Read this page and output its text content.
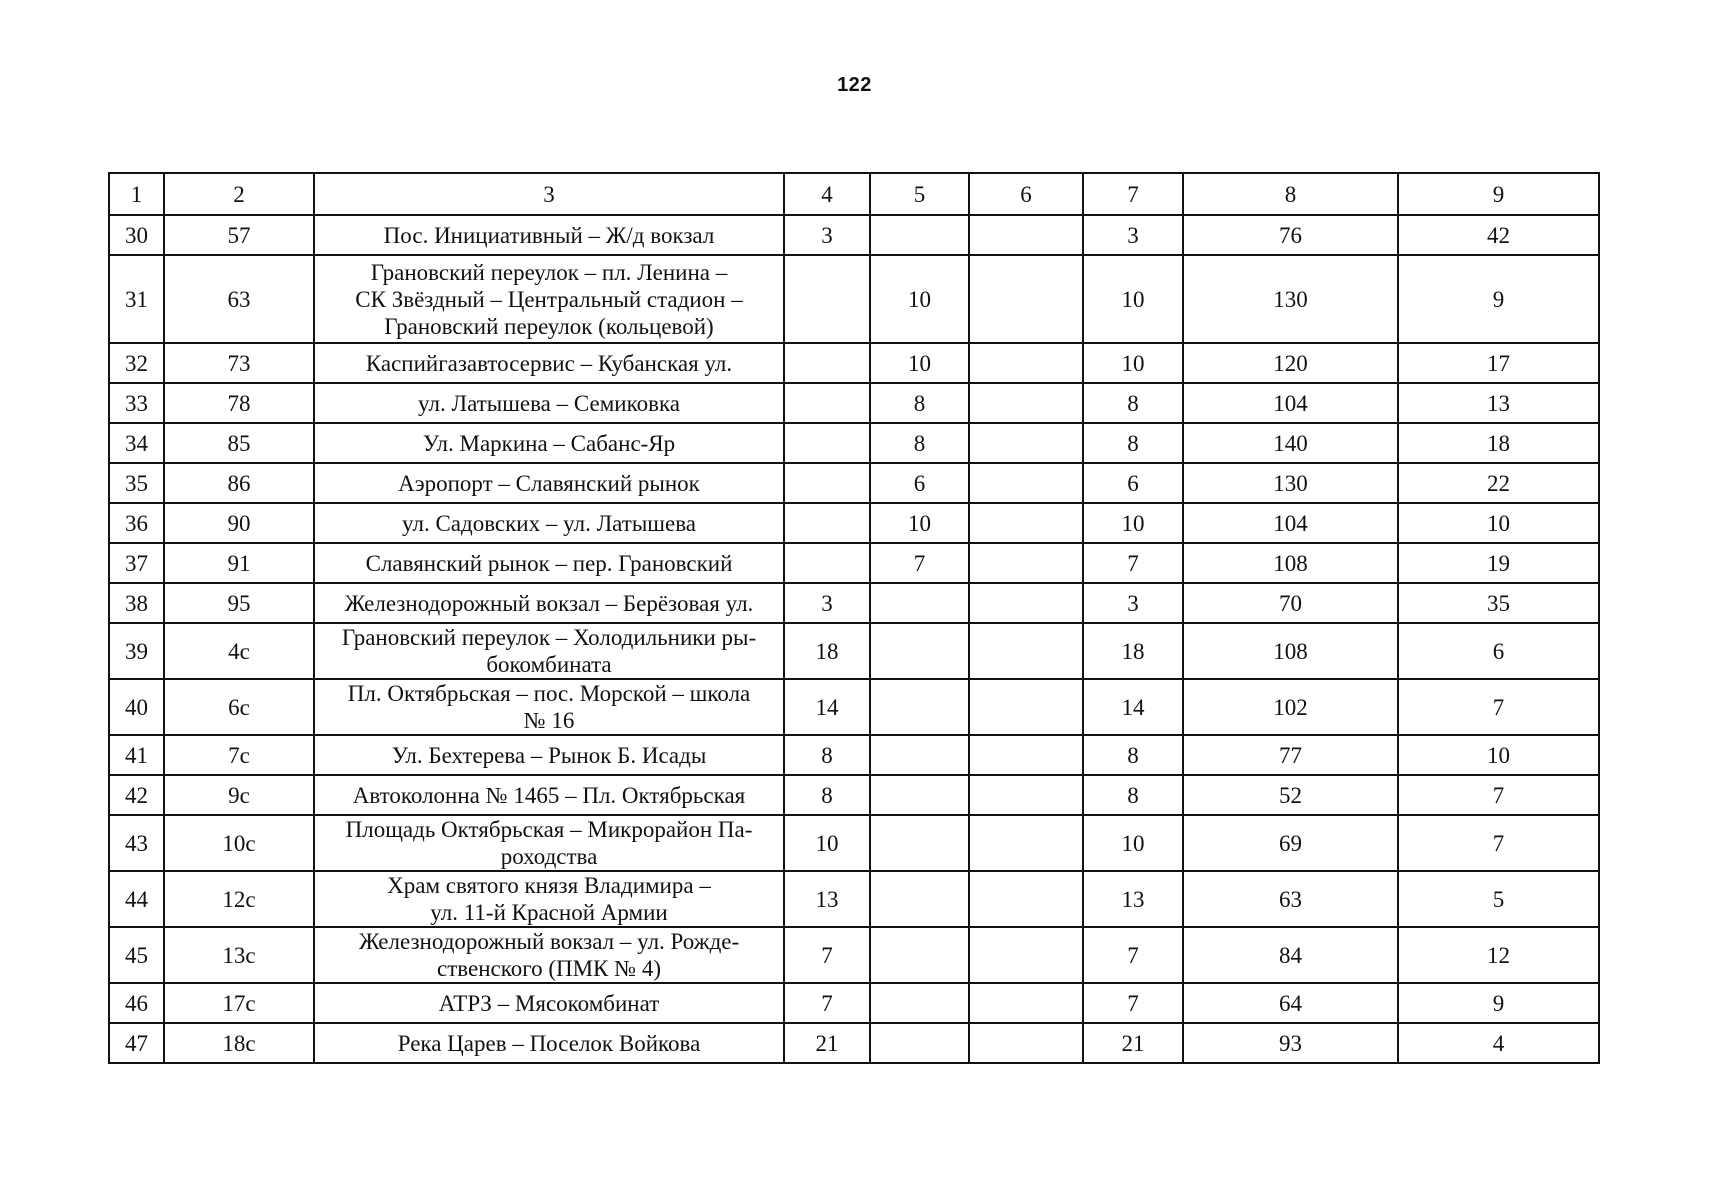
122
1	2	3	4	5	6	7	8	9
30	57	Пос. Инициативный – Ж/д вокзал	3			3	76	42
31	63	Грановский переулок – пл. Ленина –
СК Звёздный – Центральный стадион –
Грановский переулок (кольцевой)		10		10	130	9
32	73	Каспийгазавтосервис – Кубанская ул.		10		10	120	17
33	78	ул. Латышева – Семиковка		8		8	104	13
34	85	Ул. Маркина – Сабанс-Яр		8		8	140	18
35	86	Аэропорт – Славянский рынок		6		6	130	22
36	90	ул. Садовских – ул. Латышева		10		10	104	10
37	91	Славянский рынок – пер. Грановский		7		7	108	19
38	95	Железнодорожный вокзал – Берёзовая ул.	3			3	70	35
39	4с	Грановский переулок – Холодильники ры-
бокомбината	18			18	108	6
40	6с	Пл. Октябрьская – пос. Морской – школа
№ 16	14			14	102	7
41	7с	Ул. Бехтерева – Рынок Б. Исады	8			8	77	10
42	9с	Автоколонна № 1465 – Пл. Октябрьская	8			8	52	7
43	10с	Площадь Октябрьская – Микрорайон Па-
роходства	10			10	69	7
44	12с	Храм святого князя Владимира –
ул. 11-й Красной Армии	13			13	63	5
45	13с	Железнодорожный вокзал – ул. Рожде-
ственского (ПМК № 4)	7			7	84	12
46	17с	АТРЗ – Мясокомбинат	7			7	64	9
47	18с	Река Царев – Поселок Войкова	21			21	93	4
